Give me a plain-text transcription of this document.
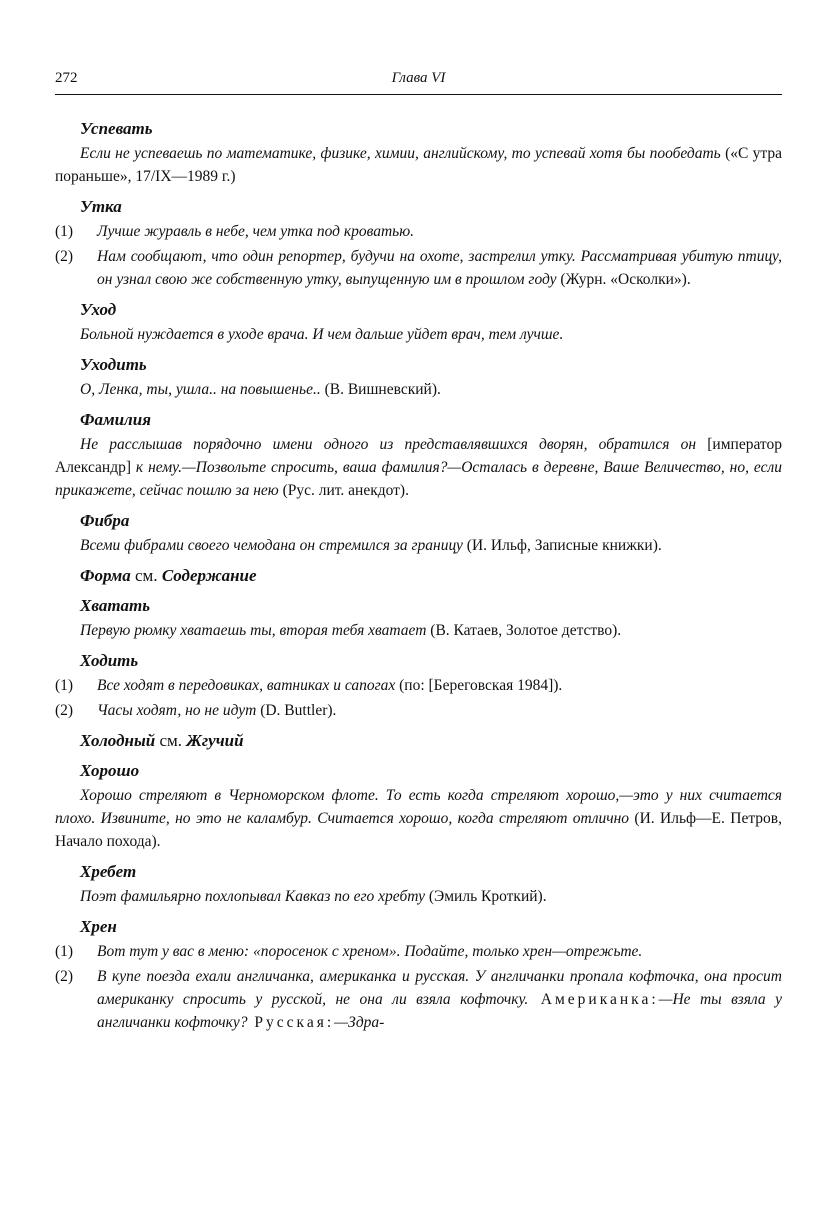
272	Глава VI

Успевать

Если не успеваешь по математике, физике, химии, английскому, то успевай хотя бы пообедать («С утра пораньше», 17/IX—1989 г.)

Утка

(1) Лучше журавль в небе, чем утка под кроватью.

(2) Нам сообщают, что один репортер, будучи на охоте, застрелил утку. Рассматривая убитую птицу, он узнал свою же собственную утку, выпущенную им в прошлом году (Журн. «Осколки»).

Уход

Больной нуждается в уходе врача. И чем дальше уйдет врач, тем лучше.

Уходить

О, Ленка, ты, ушла.. на повышенье.. (В. Вишневский).

Фамилия

Не расслышав порядочно имени одного из представлявшихся дворян, обратился он [император Александр] к нему.—Позвольте спросить, ваша фамилия?—Осталась в деревне, Ваше Величество, но, если прикажете, сейчас пошлю за нею (Рус. лит. анекдот).

Фибра

Всеми фибрами своего чемодана он стремился за границу (И. Ильф, Записные книжки).

Форма см. Содержание

Хватать

Первую рюмку хватаешь ты, вторая тебя хватает (В. Катаев, Золотое детство).

Ходить

(1) Все ходят в передовиках, ватниках и сапогах (по: [Береговская 1984]).

(2) Часы ходят, но не идут (D. Buttler).

Холодный см. Жгучий

Хорошо

Хорошо стреляют в Черноморском флоте. То есть когда стреляют хорошо,—это у них считается плохо. Извините, но это не каламбур. Считается хорошо, когда стреляют отлично (И. Ильф—Е. Петров, Начало похода).

Хребет

Поэт фамильярно похлопывал Кавказ по его хребту (Эмиль Кроткий).

Хрен

(1) Вот тут у вас в меню: «поросенок с хреном». Подайте, только хрен—отрежьте.

(2) В купе поезда ехали англичанка, американка и русская. У англичанки пропала кофточка, она просит американку спросить у русской, не она ли взяла кофточку. Американка:—Не ты взяла у англичанки кофточку? Русская:—Здра-
